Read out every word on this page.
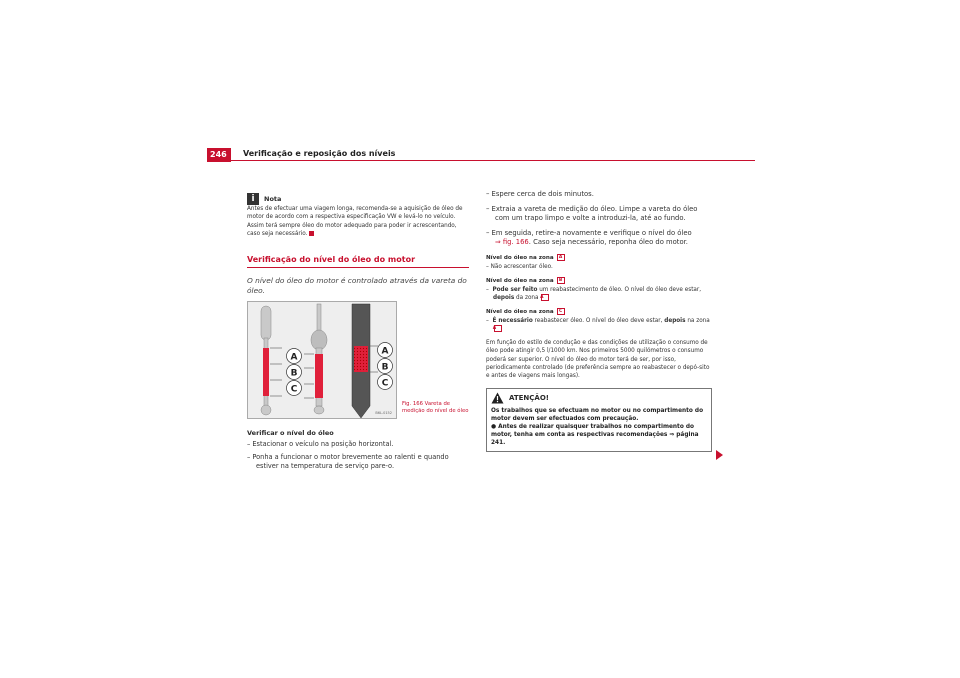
246	Verificação e reposição dos níveis
i	Nota
Antes de efectuar uma viagem longa, recomenda-se a aquisição de óleo de motor de acordo com a respectiva especificação VW e levá-lo no veículo. Assim terá sempre óleo do motor adequado para poder ir acrescentando, caso seja necessário.
Verificação do nível do óleo do motor
O nível do óleo do motor é controlado através da vareta do óleo.
A
B
C
A
B
C
B6L-0152
Fig. 166 Vareta de medição do nível de óleo
Verificar o nível do óleo
– Estacionar o veículo na posição horizontal.
– Ponha a funcionar o motor brevemente ao ralenti e quando estiver na temperatura de serviço pare-o.
– Espere cerca de dois minutos.
– Extraia a vareta de medição do óleo. Limpe a vareta do óleo com um trapo limpo e volte a introduzi-la, até ao fundo.
– Em seguida, retire-a novamente e verifique o nível do óleo
⇒ fig. 166. Caso seja necessário, reponha óleo do motor.
Nível do óleo na zona A
– Não acrescentar óleo.
Nível do óleo na zona B
–  Pode ser feito um reabastecimento de óleo. O nível do óleo deve estar,
depois da zona A
Nível do óleo na zona C
–  É necessário reabastecer óleo. O nível do óleo deve estar, depois na zona
A
Em função do estilo de condução e das condições de utilização o consumo de óleo pode atingir 0,5 l/1000 km. Nos primeiros 5000 quilómetros o consumo poderá ser superior. O nível do óleo do motor terá de ser, por isso, periodicamente controlado (de preferência sempre ao reabastecer o depó-sito e antes de viagens mais longas).
ATENÇÃO!
Os trabalhos que se efectuam no motor ou no compartimento do motor devem ser efectuados com precaução.
● Antes de realizar quaisquer trabalhos no compartimento do motor, tenha em conta as respectivas recomendações ⇒ página 241.
